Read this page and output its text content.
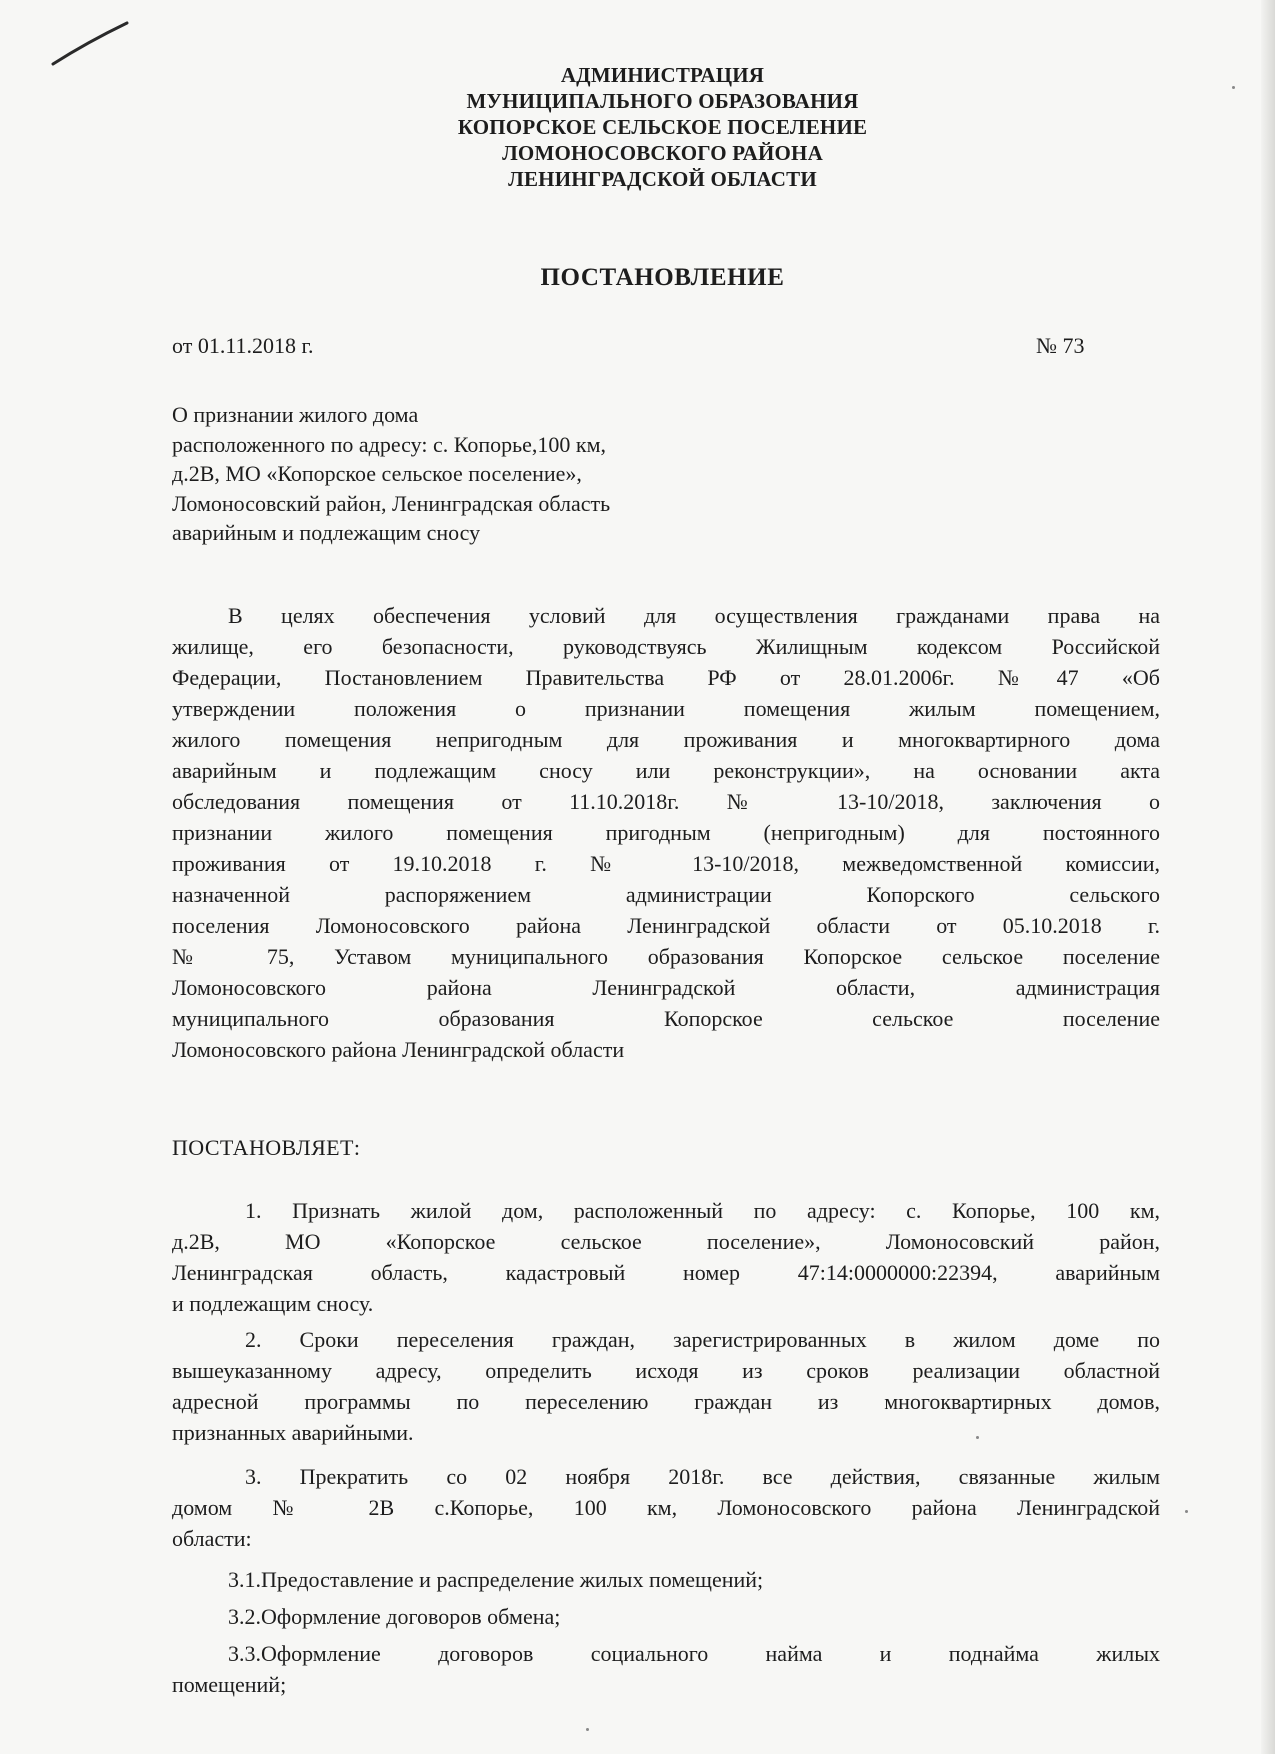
АДМИНИСТРАЦИЯ
МУНИЦИПАЛЬНОГО ОБРАЗОВАНИЯ
КОПОРСКОЕ СЕЛЬСКОЕ ПОСЕЛЕНИЕ
ЛОМОНОСОВСКОГО РАЙОНА
ЛЕНИНГРАДСКОЙ ОБЛАСТИ
ПОСТАНОВЛЕНИЕ
от 01.11.2018 г.	№ 73
О признании жилого дома
расположенного по адресу: с. Копорье,100 км,
д.2В, МО «Копорское сельское поселение»,
Ломоносовский район, Ленинградская область
аварийным и подлежащим сносу
В целях обеспечения условий для осуществления гражданами права на
жилище, его безопасности, руководствуясь Жилищным кодексом Российской
Федерации, Постановлением Правительства РФ от 28.01.2006г. №47 «Об
утверждении положения о признании помещения жилым помещением,
жилого помещения непригодным для проживания и многоквартирного дома
аварийным и подлежащим сносу или реконструкции», на основании акта
обследования помещения от 11.10.2018г. № 13-10/2018, заключения о
признании жилого помещения пригодным (непригодным) для постоянного
проживания от 19.10.2018 г. № 13-10/2018, межведомственной комиссии,
назначенной распоряжением администрации Копорского сельского
поселения Ломоносовского района Ленинградской области от 05.10.2018 г.
№ 75, Уставом муниципального образования Копорское сельское поселение
Ломоносовского района Ленинградской области, администрация
муниципального образования Копорское сельское поселение
Ломоносовского района Ленинградской области
ПОСТАНОВЛЯЕТ:
1. Признать жилой дом, расположенный по адресу: с. Копорье, 100 км,
д.2В, МО «Копорское сельское поселение», Ломоносовский район,
Ленинградская область, кадастровый номер 47:14:0000000:22394, аварийным
и подлежащим сносу.
2. Сроки переселения граждан, зарегистрированных в жилом доме по
вышеуказанному адресу, определить исходя из сроков реализации областной
адресной программы по переселению граждан из многоквартирных домов,
признанных аварийными.
3. Прекратить со 02 ноября 2018г. все действия, связанные жилым
домом № 2В с.Копорье, 100 км, Ломоносовского района Ленинградской
области:
3.1.Предоставление и распределение жилых помещений;
3.2.Оформление договоров обмена;
3.3.Оформление договоров социального найма и поднайма жилых
помещений;
